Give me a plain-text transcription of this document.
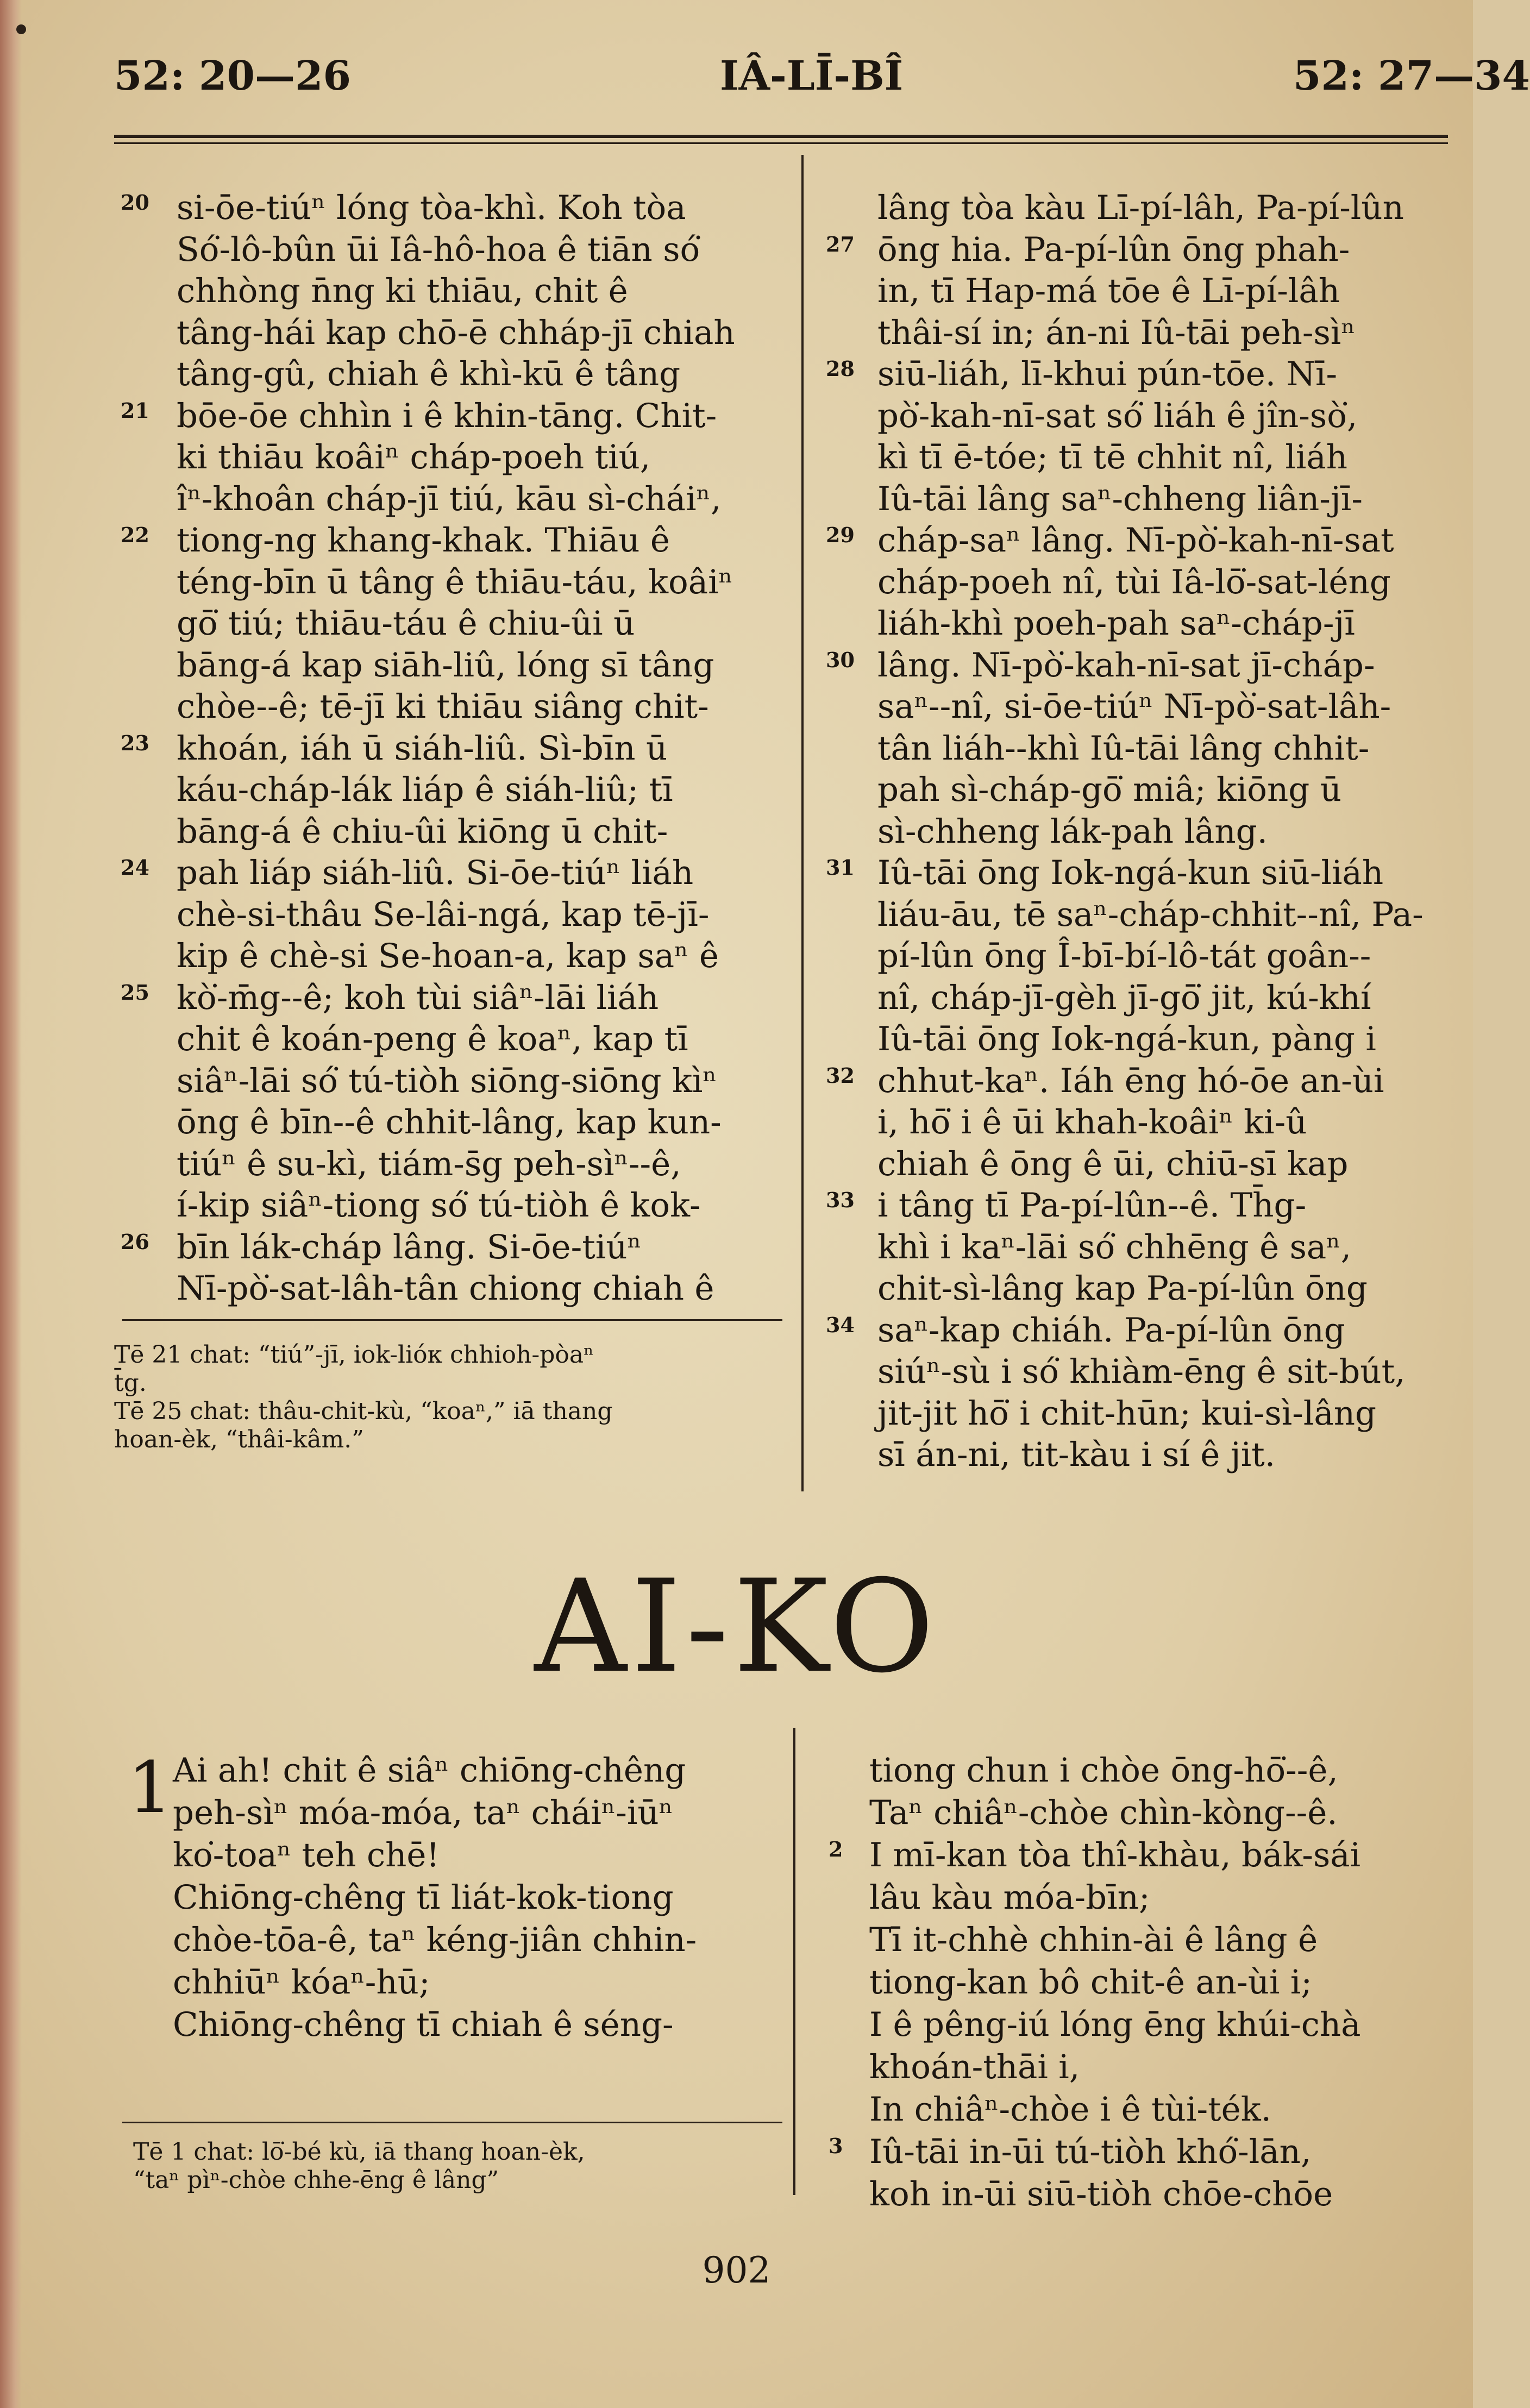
52: 20—26	IÂ-LĪ-BÎ	52: 27—34
si-ōe-tiúⁿ lóng tòa-khì. Koh tòa
Só͘-lô-bûn ūi Iâ-hô-hoa ê tiān só͘
chhòng n̄ng ki thiāu, chit ê
tâng-hái kap chō-ē chháp-jī chiah
tâng-gû, chiah ê khì-kū ê tâng
bōe-ōe chhìn i ê khin-tāng. Chit-
ki thiāu koâiⁿ cháp-poeh tiú,
îⁿ-khoân cháp-jī tiú, kāu sì-cháiⁿ,
tiong-ng khang-khak. Thiāu ê
téng-bīn ū tâng ê thiāu-táu, koâiⁿ
gō͘ tiú; thiāu-táu ê chiu-ûi ū
bāng-á kap siāh-liû, lóng sī tâng
chòe--ê; tē-jī ki thiāu siâng chit-
khoán, iáh ū siáh-liû. Sì-bīn ū
káu-cháp-lák liáp ê siáh-liû; tī
bāng-á ê chiu-ûi kiōng ū chit-
pah liáp siáh-liû. Si-ōe-tiúⁿ liáh
chè-si-thâu Se-lâi-ngá, kap tē-jī-
kip ê chè-si Se-hoan-a, kap saⁿ ê
kò͘-m̄g--ê; koh tùi siâⁿ-lāi liáh
chit ê koán-peng ê koaⁿ, kap tī
siâⁿ-lāi só͘ tú-tiòh siōng-siōng kìⁿ
ōng ê bīn--ê chhit-lâng, kap kun-
tiúⁿ ê su-kì, tiám-s̄g peh-sìⁿ--ê,
í-kip siâⁿ-tiong só͘ tú-tiòh ê kok-
bīn lák-cháp lâng. Si-ōe-tiúⁿ
Nī-pò͘-sat-lâh-tân chiong chiah ê
Tē 21 chat: “tiú”-jī, iok-lióк chhioh-pòaⁿ
t̄g.
Tē 25 chat: thâu-chit-kù, “koaⁿ,” iā thang
hoan-èk, “thâi-kâm.”
lâng tòa kàu Lī-pí-lâh, Pa-pí-lûn
ōng hia. Pa-pí-lûn ōng phah-
in, tī Hap-má tōe ê Lī-pí-lâh
thâi-sí in; án-ni Iû-tāi peh-sìⁿ
siū-liáh, lī-khui pún-tōe. Nī-
pò͘-kah-nī-sat só͘ liáh ê jîn-sò͘,
kì tī ē-tóe; tī tē chhit nî, liáh
Iû-tāi lâng saⁿ-chheng liân-jī-
cháp-saⁿ lâng. Nī-pò͘-kah-nī-sat
cháp-poeh nî, tùi Iâ-lō͘-sat-léng
liáh-khì poeh-pah saⁿ-cháp-jī
lâng. Nī-pò͘-kah-nī-sat jī-cháp-
saⁿ--nî, si-ōe-tiúⁿ Nī-pò͘-sat-lâh-
tân liáh--khì Iû-tāi lâng chhit-
pah sì-cháp-gō͘ miâ; kiōng ū
sì-chheng lák-pah lâng.
Iû-tāi ōng Iok-ngá-kun siū-liáh
liáu-āu, tē saⁿ-cháp-chhit--nî, Pa-
pí-lûn ōng Î-bī-bí-lô-tát goân--
nî, cháp-jī-gèh jī-gō͘ jit, kú-khí
Iû-tāi ōng Iok-ngá-kun, pàng i
chhut-kaⁿ. Iáh ēng hó-ōe an-ùi
i, hō͘ i ê ūi khah-koâiⁿ ki-û
chiah ê ōng ê ūi, chiū-sī kap
i tâng tī Pa-pí-lûn--ê. Th̄g-
khì i kaⁿ-lāi só͘ chhēng ê saⁿ,
chit-sì-lâng kap Pa-pí-lûn ōng
saⁿ-kap chiáh. Pa-pí-lûn ōng
siúⁿ-sù i só͘ khiàm-ēng ê sit-bút,
jit-jit hō͘ i chit-hūn; kui-sì-lâng
sī án-ni, tit-kàu i sí ê jit.
AI-KO
1 Ai ah! chit ê siâⁿ chiōng-chêng
peh-sìⁿ móa-móa, taⁿ cháiⁿ-iūⁿ
ko͘-toaⁿ teh chē!
Chiōng-chêng tī liát-kok-tiong
chòe-tōa-ê, taⁿ kéng-jiân chhin-
chhiūⁿ kóaⁿ-hū;
Chiōng-chêng tī chiah ê séng-
Tē 1 chat: lō͘-bé kù, iā thang hoan-èk,
“taⁿ pìⁿ-chòe chhe-ēng ê lâng”
tiong chun i chòe ōng-hō͘--ê,
Taⁿ chiâⁿ-chòe chìn-kòng--ê.
I mī-kan tòa thî-khàu, bák-sái
lâu kàu móa-bīn;
Tī it-chhè chhin-ài ê lâng ê
tiong-kan bô chit-ê an-ùi i;
I ê pêng-iú lóng ēng khúi-chà
khoán-thāi i,
In chiâⁿ-chòe i ê tùi-ték.
Iû-tāi in-ūi tú-tiòh khó͘-lān,
koh in-ūi siū-tiòh chōe-chōe
902
20
21
22
23
24
25
26
27
28
29
30
31
32
33
34
2
3
